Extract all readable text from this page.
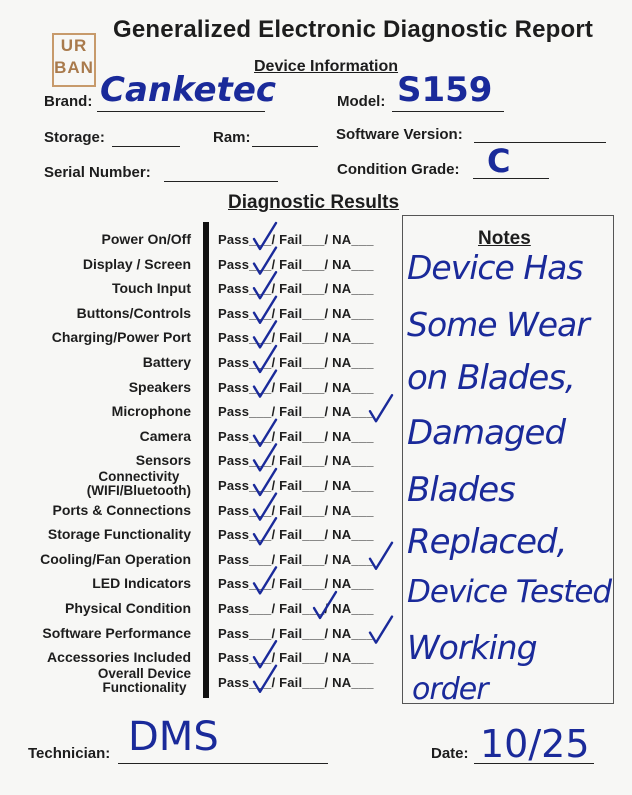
UR
BAN
Generalized Electronic Diagnostic Report
Device Information
Brand: Canketec	Model: S159
Storage:	Ram:	Software Version:
Serial Number:	Condition Grade: C
Diagnostic Results
Power On/Off Pass___/ Fail___/ NA___
Display / Screen Pass___/ Fail___/ NA___
Touch Input Pass___/ Fail___/ NA___
Buttons/Controls Pass___/ Fail___/ NA___
Charging/Power Port Pass___/ Fail___/ NA___
Battery Pass___/ Fail___/ NA___
Speakers Pass___/ Fail___/ NA___
Microphone Pass___/ Fail___/ NA___
Camera Pass___/ Fail___/ NA___
Sensors Pass___/ Fail___/ NA___
Connectivity
(WIFI/Bluetooth) Pass___/ Fail___/ NA___
Ports & Connections Pass___/ Fail___/ NA___
Storage Functionality Pass___/ Fail___/ NA___
Cooling/Fan Operation Pass___/ Fail___/ NA___
LED Indicators Pass___/ Fail___/ NA___
Physical Condition Pass___/ Fail___/ NA___
Software Performance Pass___/ Fail___/ NA___
Accessories Included Pass___/ Fail___/ NA___
Overall Device
Functionality	Pass___/ Fail___/ NA___
Notes
Device Has
Some Wear
on Blades,
Damaged
Blades
Replaced,
Device Tested
Working
order
Technician: DMS	Date: 10/25
